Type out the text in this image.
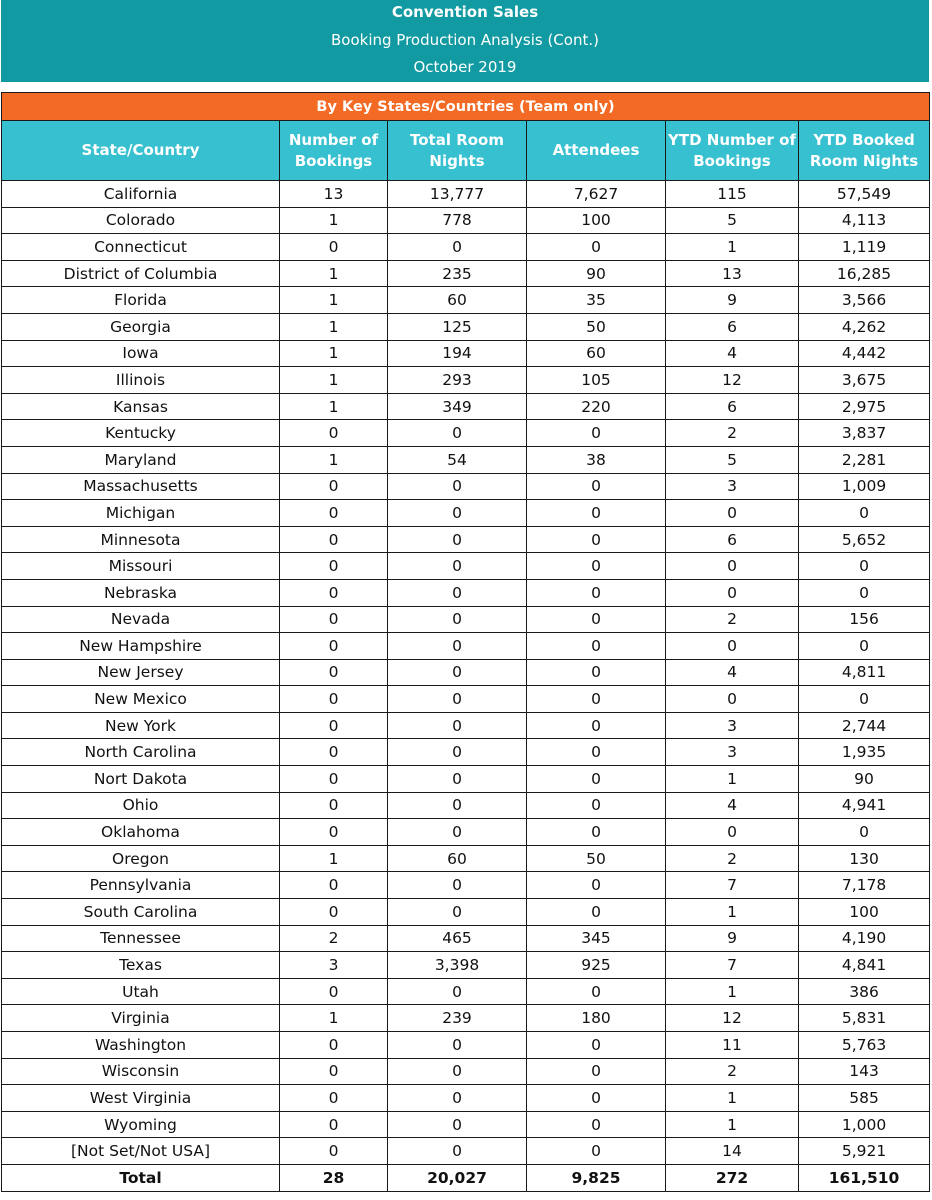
Convention Sales
Booking Production Analysis (Cont.)
October 2019
By Key States/Countries (Team only)					
State/Country	Number of Bookings	Total Room Nights	Attendees	YTD Number of Bookings	YTD Booked Room Nights
California	13	13,777	7,627	115	57,549
Colorado	1	778	100	5	4,113
Connecticut	0	0	0	1	1,119
District of Columbia	1	235	90	13	16,285
Florida	1	60	35	9	3,566
Georgia	1	125	50	6	4,262
Iowa	1	194	60	4	4,442
Illinois	1	293	105	12	3,675
Kansas	1	349	220	6	2,975
Kentucky	0	0	0	2	3,837
Maryland	1	54	38	5	2,281
Massachusetts	0	0	0	3	1,009
Michigan	0	0	0	0	0
Minnesota	0	0	0	6	5,652
Missouri	0	0	0	0	0
Nebraska	0	0	0	0	0
Nevada	0	0	0	2	156
New Hampshire	0	0	0	0	0
New Jersey	0	0	0	4	4,811
New Mexico	0	0	0	0	0
New York	0	0	0	3	2,744
North Carolina	0	0	0	3	1,935
Nort Dakota	0	0	0	1	90
Ohio	0	0	0	4	4,941
Oklahoma	0	0	0	0	0
Oregon	1	60	50	2	130
Pennsylvania	0	0	0	7	7,178
South Carolina	0	0	0	1	100
Tennessee	2	465	345	9	4,190
Texas	3	3,398	925	7	4,841
Utah	0	0	0	1	386
Virginia	1	239	180	12	5,831
Washington	0	0	0	11	5,763
Wisconsin	0	0	0	2	143
West Virginia	0	0	0	1	585
Wyoming	0	0	0	1	1,000
[Not Set/Not USA]	0	0	0	14	5,921
Total	28	20,027	9,825	272	161,510
